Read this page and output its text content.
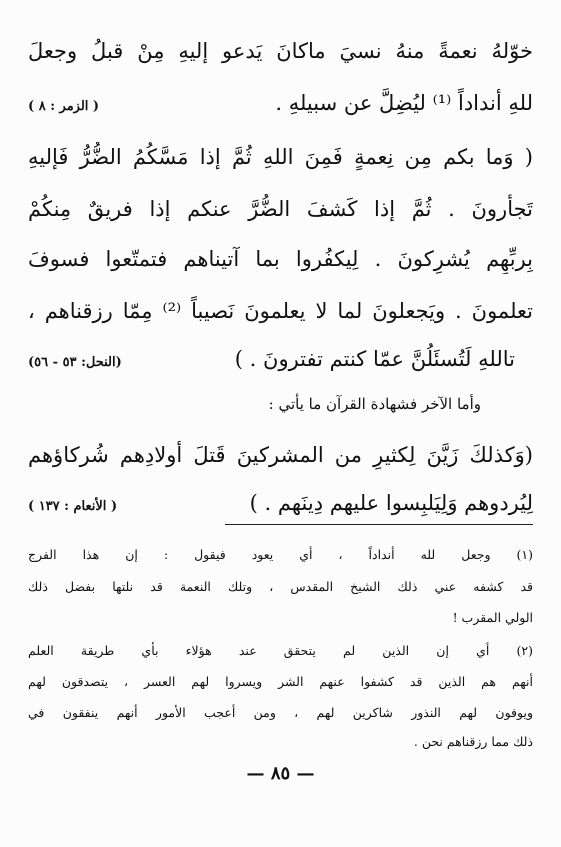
خوّلهُ نعمةً منهُ نسيَ ماكانَ يَدعو إليهِ مِنْ قبلُ وجعلَ
للهِ أنداداً ⁽¹⁾ ليُضِلَّ عن سبيلهِ .
( الزمر : ٨ )
( وَما بكم مِن نِعمةٍ فَمِنَ اللهِ ثُمَّ إذا مَسَّكُمُ الضُّرُّ فَإليهِ
تَجأرونَ . ثُمَّ إذا كَشفَ الضُّرَّ عنكم إذا فريقٌ مِنكُمْ
بِربِّهِم يُشرِكونَ . لِيكفُروا بما آتيناهم فتمتّعوا فسوفَ
تعلمونَ . ويَجعلونَ لما لا يعلمونَ نَصيباً ⁽²⁾ مِمّا رزقناهم ،
تاللهِ لَتُسئَلُنَّ عمّا كنتم تفترونَ . )
(النحل: ٥٣ - ٥٦)
وأما الآخر فشهادة القرآن ما يأتي :
(وَكذلكَ زَيَّنَ لِكثيرٍ من المشركينَ قَتلَ أولادِهم شُركاؤهم
لِيُردوهم وَلِيَلبِسوا عليهم دِينَهم . )
( الأنعام : ١٣٧ )
(١) وجعل لله أنداداً ، أي يعود فيقول : إن هذا الفرج
قد كشفه عني ذلك الشيخ المقدس ، وتلك النعمة قد نلتها بفضل ذلك
الولي المقرب !
(٢) أي إن الذين لم يتحقق عند هؤلاء بأي طريقة العلم
أنهم هم الذين قد كشفوا عنهم الشر ويسروا لهم العسر ، يتصدقون لهم
ويوفون لهم النذور شاكرين لهم ، ومن أعجب الأمور أنهم ينفقون في
ذلك مما رزقناهم نحن .
— ٨٥ —
